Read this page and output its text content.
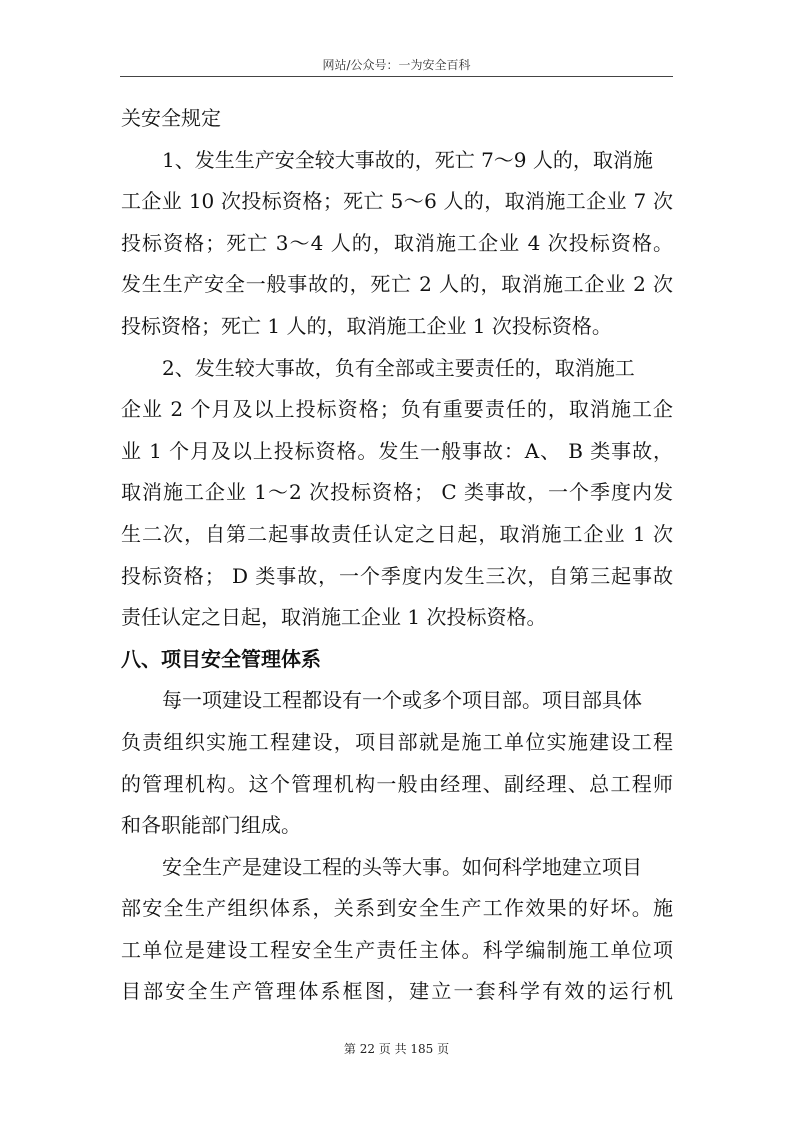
网站/公众号：一为安全百科
关安全规定
1、发生生产安全较大事故的，死亡 7～9 人的，取消施
工企业 10 次投标资格；死亡 5～6 人的，取消施工企业 7 次
投标资格；死亡 3～4 人的，取消施工企业 4 次投标资格。
发生生产安全一般事故的，死亡 2 人的，取消施工企业 2 次
投标资格；死亡 1 人的，取消施工企业 1 次投标资格。
2、发生较大事故，负有全部或主要责任的，取消施工
企业 2 个月及以上投标资格；负有重要责任的，取消施工企
业 1 个月及以上投标资格。发生一般事故：A、 B 类事故，
取消施工企业 1～2 次投标资格； C 类事故，一个季度内发
生二次，自第二起事故责任认定之日起，取消施工企业 1 次
投标资格； D 类事故，一个季度内发生三次，自第三起事故
责任认定之日起，取消施工企业 1 次投标资格。
八、项目安全管理体系
每一项建设工程都设有一个或多个项目部。项目部具体
负责组织实施工程建设，项目部就是施工单位实施建设工程
的管理机构。这个管理机构一般由经理、副经理、总工程师
和各职能部门组成。
安全生产是建设工程的头等大事。如何科学地建立项目
部安全生产组织体系，关系到安全生产工作效果的好坏。施
工单位是建设工程安全生产责任主体。科学编制施工单位项
目部安全生产管理体系框图，建立一套科学有效的运行机
第 22 页 共 185 页
